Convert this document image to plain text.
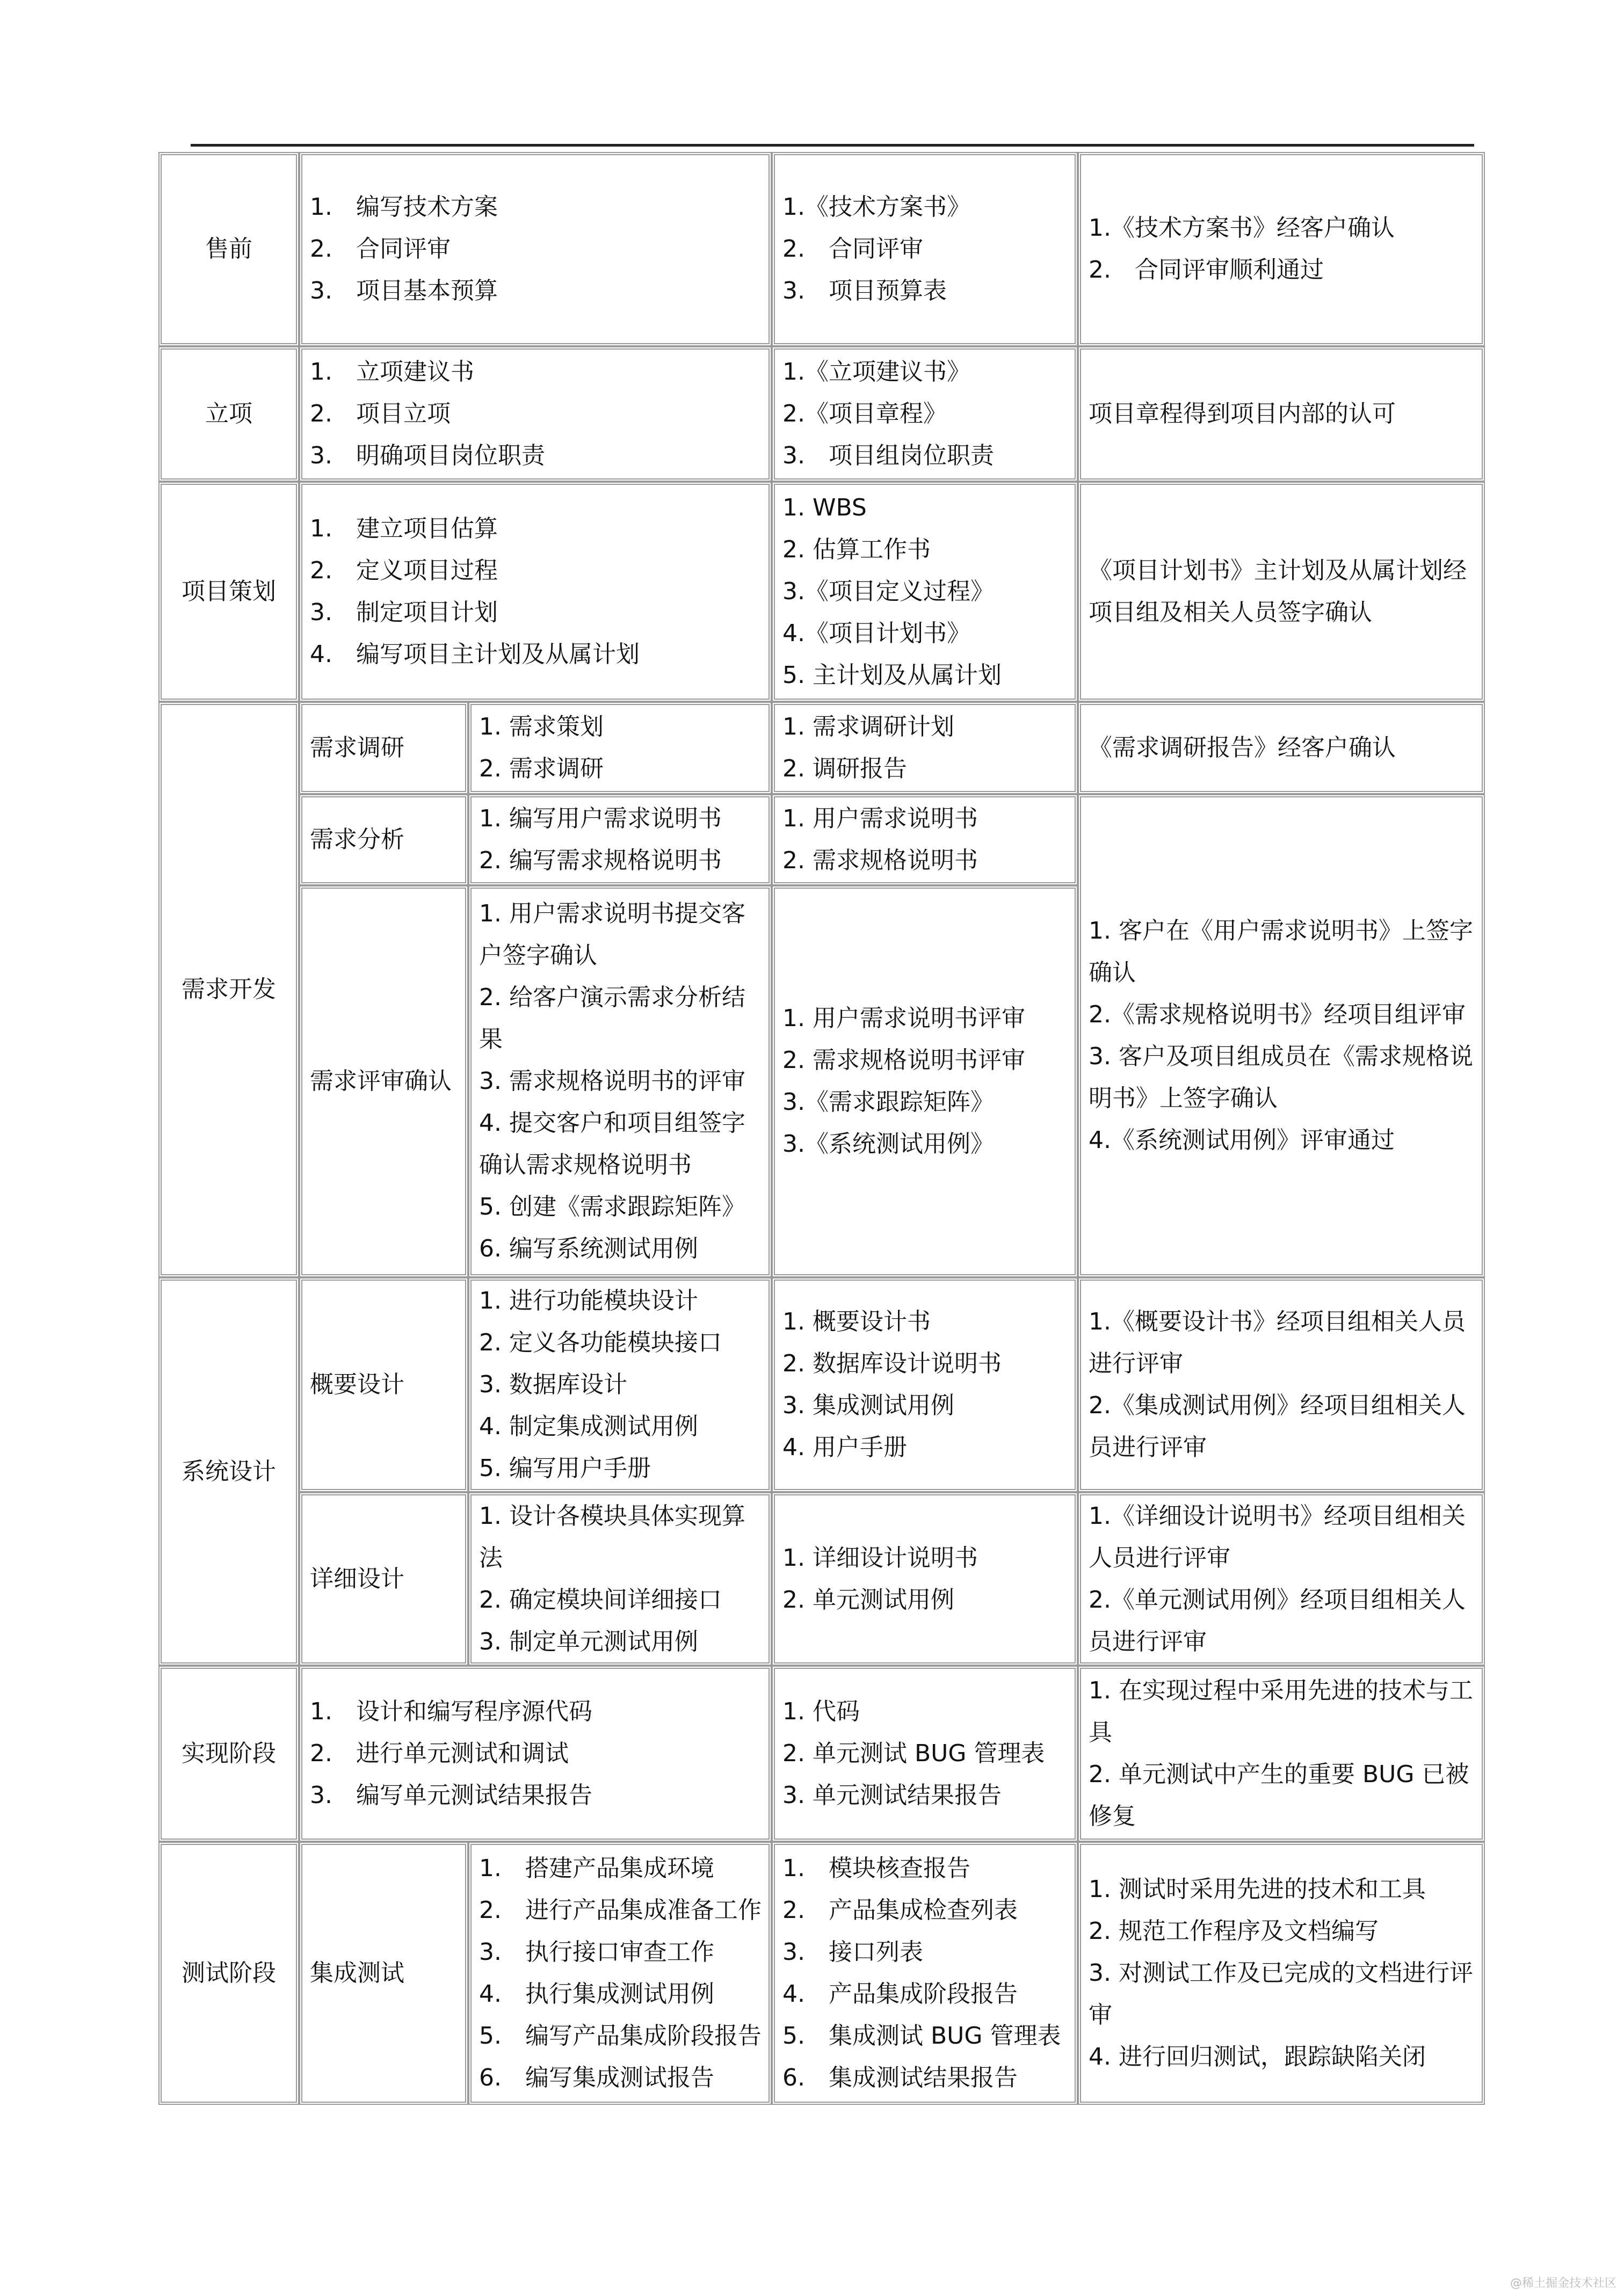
售前
1.　编写技术方案
2.　合同评审
3.　项目基本预算
1.《技术方案书》
2.　合同评审
3.　项目预算表
1.《技术方案书》经客户确认
2.　合同评审顺利通过
立项
1.　立项建议书
2.　项目立项
3.　明确项目岗位职责
1.《立项建议书》
2.《项目章程》
3.　项目组岗位职责
项目章程得到项目内部的认可
项目策划
1.　建立项目估算
2.　定义项目过程
3.　制定项目计划
4.　编写项目主计划及从属计划
1. WBS
2. 估算工作书
3.《项目定义过程》
4.《项目计划书》
5. 主计划及从属计划
《项目计划书》主计划及从属计划经项目组及相关人员签字确认
需求开发
需求调研
1. 需求策划
2. 需求调研
1. 需求调研计划
2. 调研报告
《需求调研报告》经客户确认
需求分析
1. 编写用户需求说明书
2. 编写需求规格说明书
1. 用户需求说明书
2. 需求规格说明书
需求评审确认
1. 用户需求说明书提交客户签字确认
2. 给客户演示需求分析结果
3. 需求规格说明书的评审
4. 提交客户和项目组签字确认需求规格说明书
5. 创建《需求跟踪矩阵》
6. 编写系统测试用例
1. 用户需求说明书评审
2. 需求规格说明书评审
3.《需求跟踪矩阵》
3.《系统测试用例》
1. 客户在《用户需求说明书》上签字确认
2.《需求规格说明书》经项目组评审
3. 客户及项目组成员在《需求规格说明书》上签字确认
4.《系统测试用例》评审通过
系统设计
概要设计
1. 进行功能模块设计
2. 定义各功能模块接口
3. 数据库设计
4. 制定集成测试用例
5. 编写用户手册
1. 概要设计书
2. 数据库设计说明书
3. 集成测试用例
4. 用户手册
1.《概要设计书》经项目组相关人员进行评审
2.《集成测试用例》经项目组相关人员进行评审
详细设计
1. 设计各模块具体实现算法
2. 确定模块间详细接口
3. 制定单元测试用例
1. 详细设计说明书
2. 单元测试用例
1.《详细设计说明书》经项目组相关人员进行评审
2.《单元测试用例》经项目组相关人员进行评审
实现阶段
1.　设计和编写程序源代码
2.　进行单元测试和调试
3.　编写单元测试结果报告
1. 代码
2. 单元测试 BUG 管理表
3. 单元测试结果报告
1. 在实现过程中采用先进的技术与工具
2. 单元测试中产生的重要 BUG 已被修复
测试阶段 集成测试
1.　搭建产品集成环境
2.　进行产品集成准备工作
3.　执行接口审查工作
4.　执行集成测试用例
5.　编写产品集成阶段报告
6.　编写集成测试报告
1.　模块核查报告
2.　产品集成检查列表
3.　接口列表
4.　产品集成阶段报告
5.　集成测试 BUG 管理表
6.　集成测试结果报告
1. 测试时采用先进的技术和工具
2. 规范工作程序及文档编写
3. 对测试工作及已完成的文档进行评审
4. 进行回归测试，跟踪缺陷关闭
@稀土掘金技术社区
